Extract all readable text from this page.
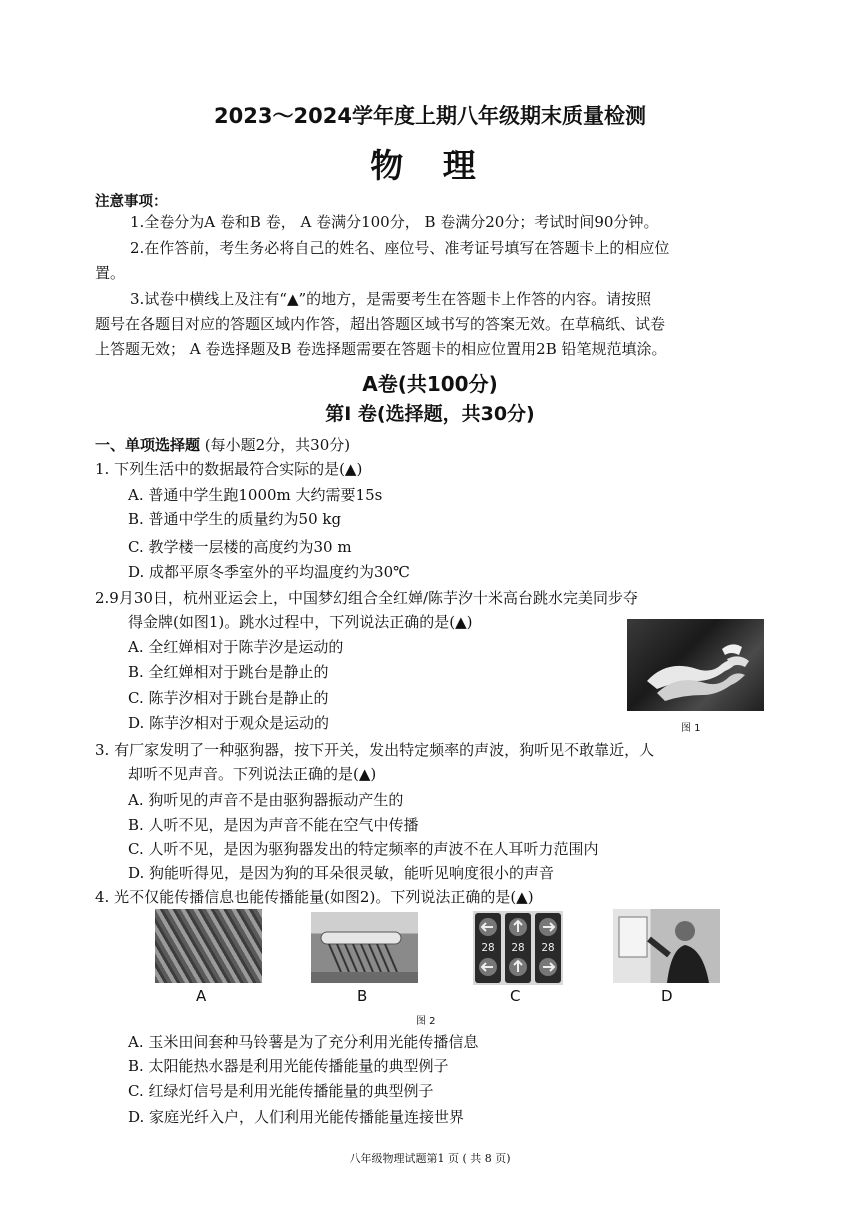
2023～2024学年度上期八年级期末质量检测
物 理
注意事项：
1.全卷分为A 卷和B 卷， A 卷满分100分， B 卷满分20分；考试时间90分钟。
2.在作答前，考生务必将自己的姓名、座位号、准考证号填写在答题卡上的相应位
置。
3.试卷中横线上及注有“▲”的地方，是需要考生在答题卡上作答的内容。请按照
题号在各题目对应的答题区域内作答，超出答题区域书写的答案无效。在草稿纸、试卷
上答题无效； A 卷选择题及B 卷选择题需要在答题卡的相应位置用2B 铅笔规范填涂。
A卷(共100分)
第I 卷(选择题，共30分)
一、单项选择题 (每小题2分，共30分)
1. 下列生活中的数据最符合实际的是(▲)
A. 普通中学生跑1000m 大约需要15s
B. 普通中学生的质量约为50 kg
C. 教学楼一层楼的高度约为30 m
D. 成都平原冬季室外的平均温度约为30℃
2.9月30日，杭州亚运会上，中国梦幻组合全红婵/陈芋汐十米高台跳水完美同步夺
得金牌(如图1)。跳水过程中，下列说法正确的是(▲)
A. 全红婵相对于陈芋汐是运动的
B. 全红婵相对于跳台是静止的
C. 陈芋汐相对于跳台是静止的
D. 陈芋汐相对于观众是运动的	图 1
3. 有厂家发明了一种驱狗器，按下开关，发出特定频率的声波，狗听见不敢靠近，人
却听不见声音。下列说法正确的是(▲)
A. 狗听见的声音不是由驱狗器振动产生的
B. 人听不见，是因为声音不能在空气中传播
C. 人听不见，是因为驱狗器发出的特定频率的声波不在人耳听力范围内
D. 狗能听得见，是因为狗的耳朵很灵敏，能听见响度很小的声音
4. 光不仅能传播信息也能传播能量(如图2)。下列说法正确的是(▲)
28 28 28
A	B	C	D
图 2
A. 玉米田间套种马铃薯是为了充分利用光能传播信息
B. 太阳能热水器是利用光能传播能量的典型例子
C. 红绿灯信号是利用光能传播能量的典型例子
D. 家庭光纤入户，人们利用光能传播能量连接世界
八年级物理试题第1 页 ( 共 8 页)
